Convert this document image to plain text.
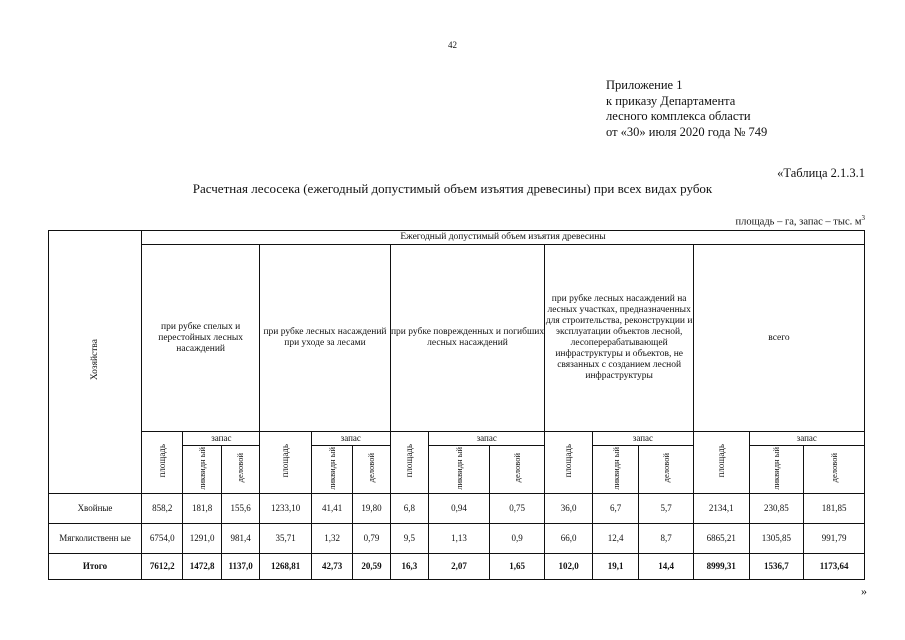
42
Приложение 1
к приказу Департамента
лесного комплекса области
от «30» июля 2020 года № 749
«Таблица 2.1.3.1
Расчетная лесосека (ежегодный допустимый объем изъятия древесины) при всех видах рубок
площадь – га, запас – тыс. $м^3$
Хозяйства	Ежегодный допустимый объем изъятия древесины														
	при рубке спелых и перестойных лесных насаждений			при рубке лесных насаждений при уходе за лесами			при рубке поврежденных и погибших лесных насаждений			при рубке лесных насаждений на лесных участках, предназначенных для строительства, реконструкции и эксплуатации объектов лесной, лесоперерабатывающей инфраструктуры и объектов, не связанных с созданием лесной инфраструктуры			всего		
	площадь	запас		площадь	запас		площадь	запас		площадь	запас		площадь	запас	
		ликвидн ый	деловой		ликвидн ый	деловой		ликвидн ый	деловой		ликвидн ый	деловой		ликвидн ый	деловой
Хвойные	858,2	181,8	155,6	1233,10	41,41	19,80	6,8	0,94	0,75	36,0	6,7	5,7	2134,1	230,85	181,85
Мягколиственн ые	6754,0	1291,0	981,4	35,71	1,32	0,79	9,5	1,13	0,9	66,0	12,4	8,7	6865,21	1305,85	991,79
Итого	7612,2	1472,8	1137,0	1268,81	42,73	20,59	16,3	2,07	1,65	102,0	19,1	14,4	8999,31	1536,7	1173,64
»
